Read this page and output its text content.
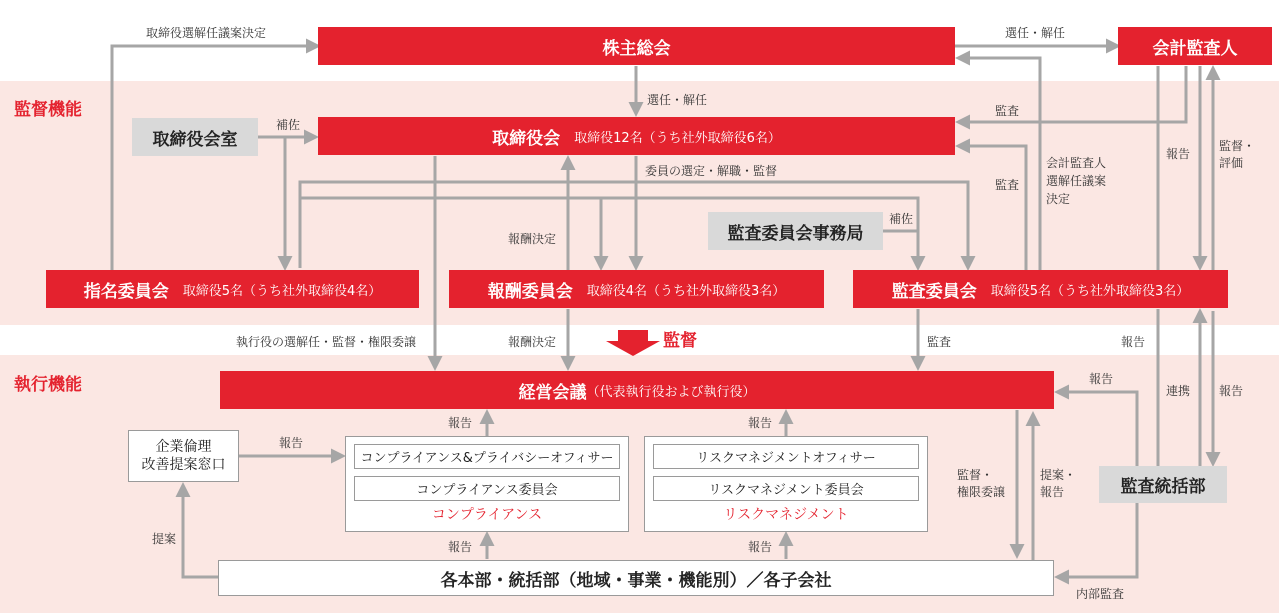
監督機能
執行機能
株主総会	会計監査人
取締役会室	取締役会 取締役12名（うち社外取締役6名）
監査委員会事務局
指名委員会 取締役5名（うち社外取締役4名）	報酬委員会 取締役4名（うち社外取締役3名）	監査委員会 取締役5名（うち社外取締役3名）
監督
経営会議 （代表執行役および執行役）
企業倫理
改善提案窓口	コンプライアンス&プライバシーオフィサー
コンプライアンス委員会
コンプライアンス
リスクマネジメントオフィサー
リスクマネジメント委員会
リスクマネジメント
監査統括部
各本部・統括部（地域・事業・機能別）／各子会社
取締役選解任議案決定	選任・解任
選任・解任
補佐
補佐
委員の選定・解職・監督
報酬決定
監査
監査
会計監査人
選解任議案
決定
報告
監督・
評価
執行役の選解任・監督・権限委譲	報酬決定	監査	報告
報告
報告	報告
連携 報告
報告
監督・
権限委譲
提案・
報告
提案
報告	報告
内部監査
